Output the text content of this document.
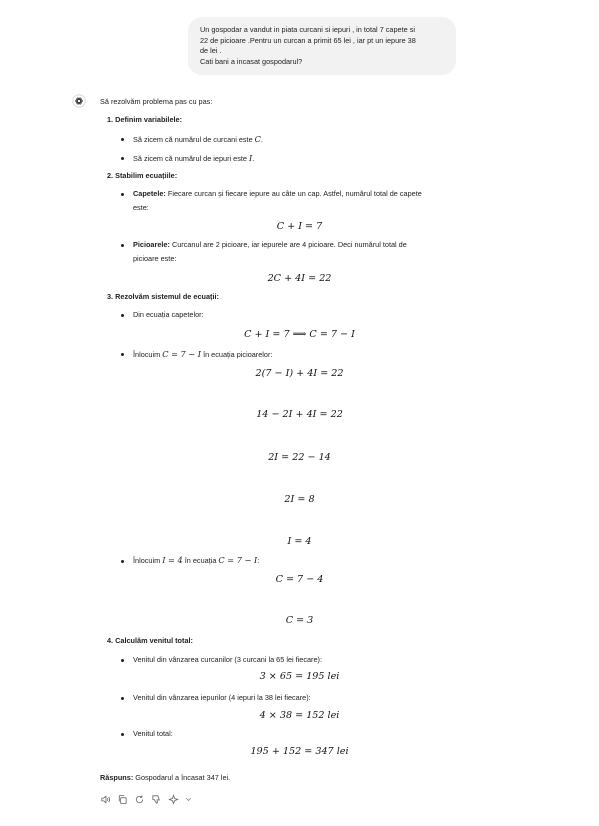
Un gospodar a vandut in piata curcani si iepuri , in total 7 capete si
22 de picioare .Pentru un curcan a primit 65 lei , iar pt un iepure 38
de lei .
Cati bani a incasat gospodarul?
Să rezolvăm problema pas cu pas:
1. Definim variabilele:
Să zicem că numărul de curcani este C.
Să zicem că numărul de iepuri este I.
2. Stabilim ecuațiile:
Capetele: Fiecare curcan și fiecare iepure au câte un cap. Astfel, numărul total de capete
este:
C + I = 7
Picioarele: Curcanul are 2 picioare, iar iepurele are 4 picioare. Deci numărul total de
picioare este:
2C + 4I = 22
3. Rezolvăm sistemul de ecuații:
Din ecuația capetelor:
C + I = 7 ⟹ C = 7 − I
Înlocuim C = 7 − I în ecuația picioarelor:
2(7 − I) + 4I = 22
14 − 2I + 4I = 22
2I = 22 − 14
2I = 8
I = 4
Înlocuim I = 4 în ecuația C = 7 − I:
C = 7 − 4
C = 3
4. Calculăm venitul total:
Venitul din vânzarea curcanilor (3 curcani la 65 lei fiecare):
3 × 65 = 195 lei
Venitul din vânzarea iepurilor (4 iepuri la 38 lei fiecare):
4 × 38 = 152 lei
Venitul total:
195 + 152 = 347 lei
Răspuns: Gospodarul a încasat 347 lei.
